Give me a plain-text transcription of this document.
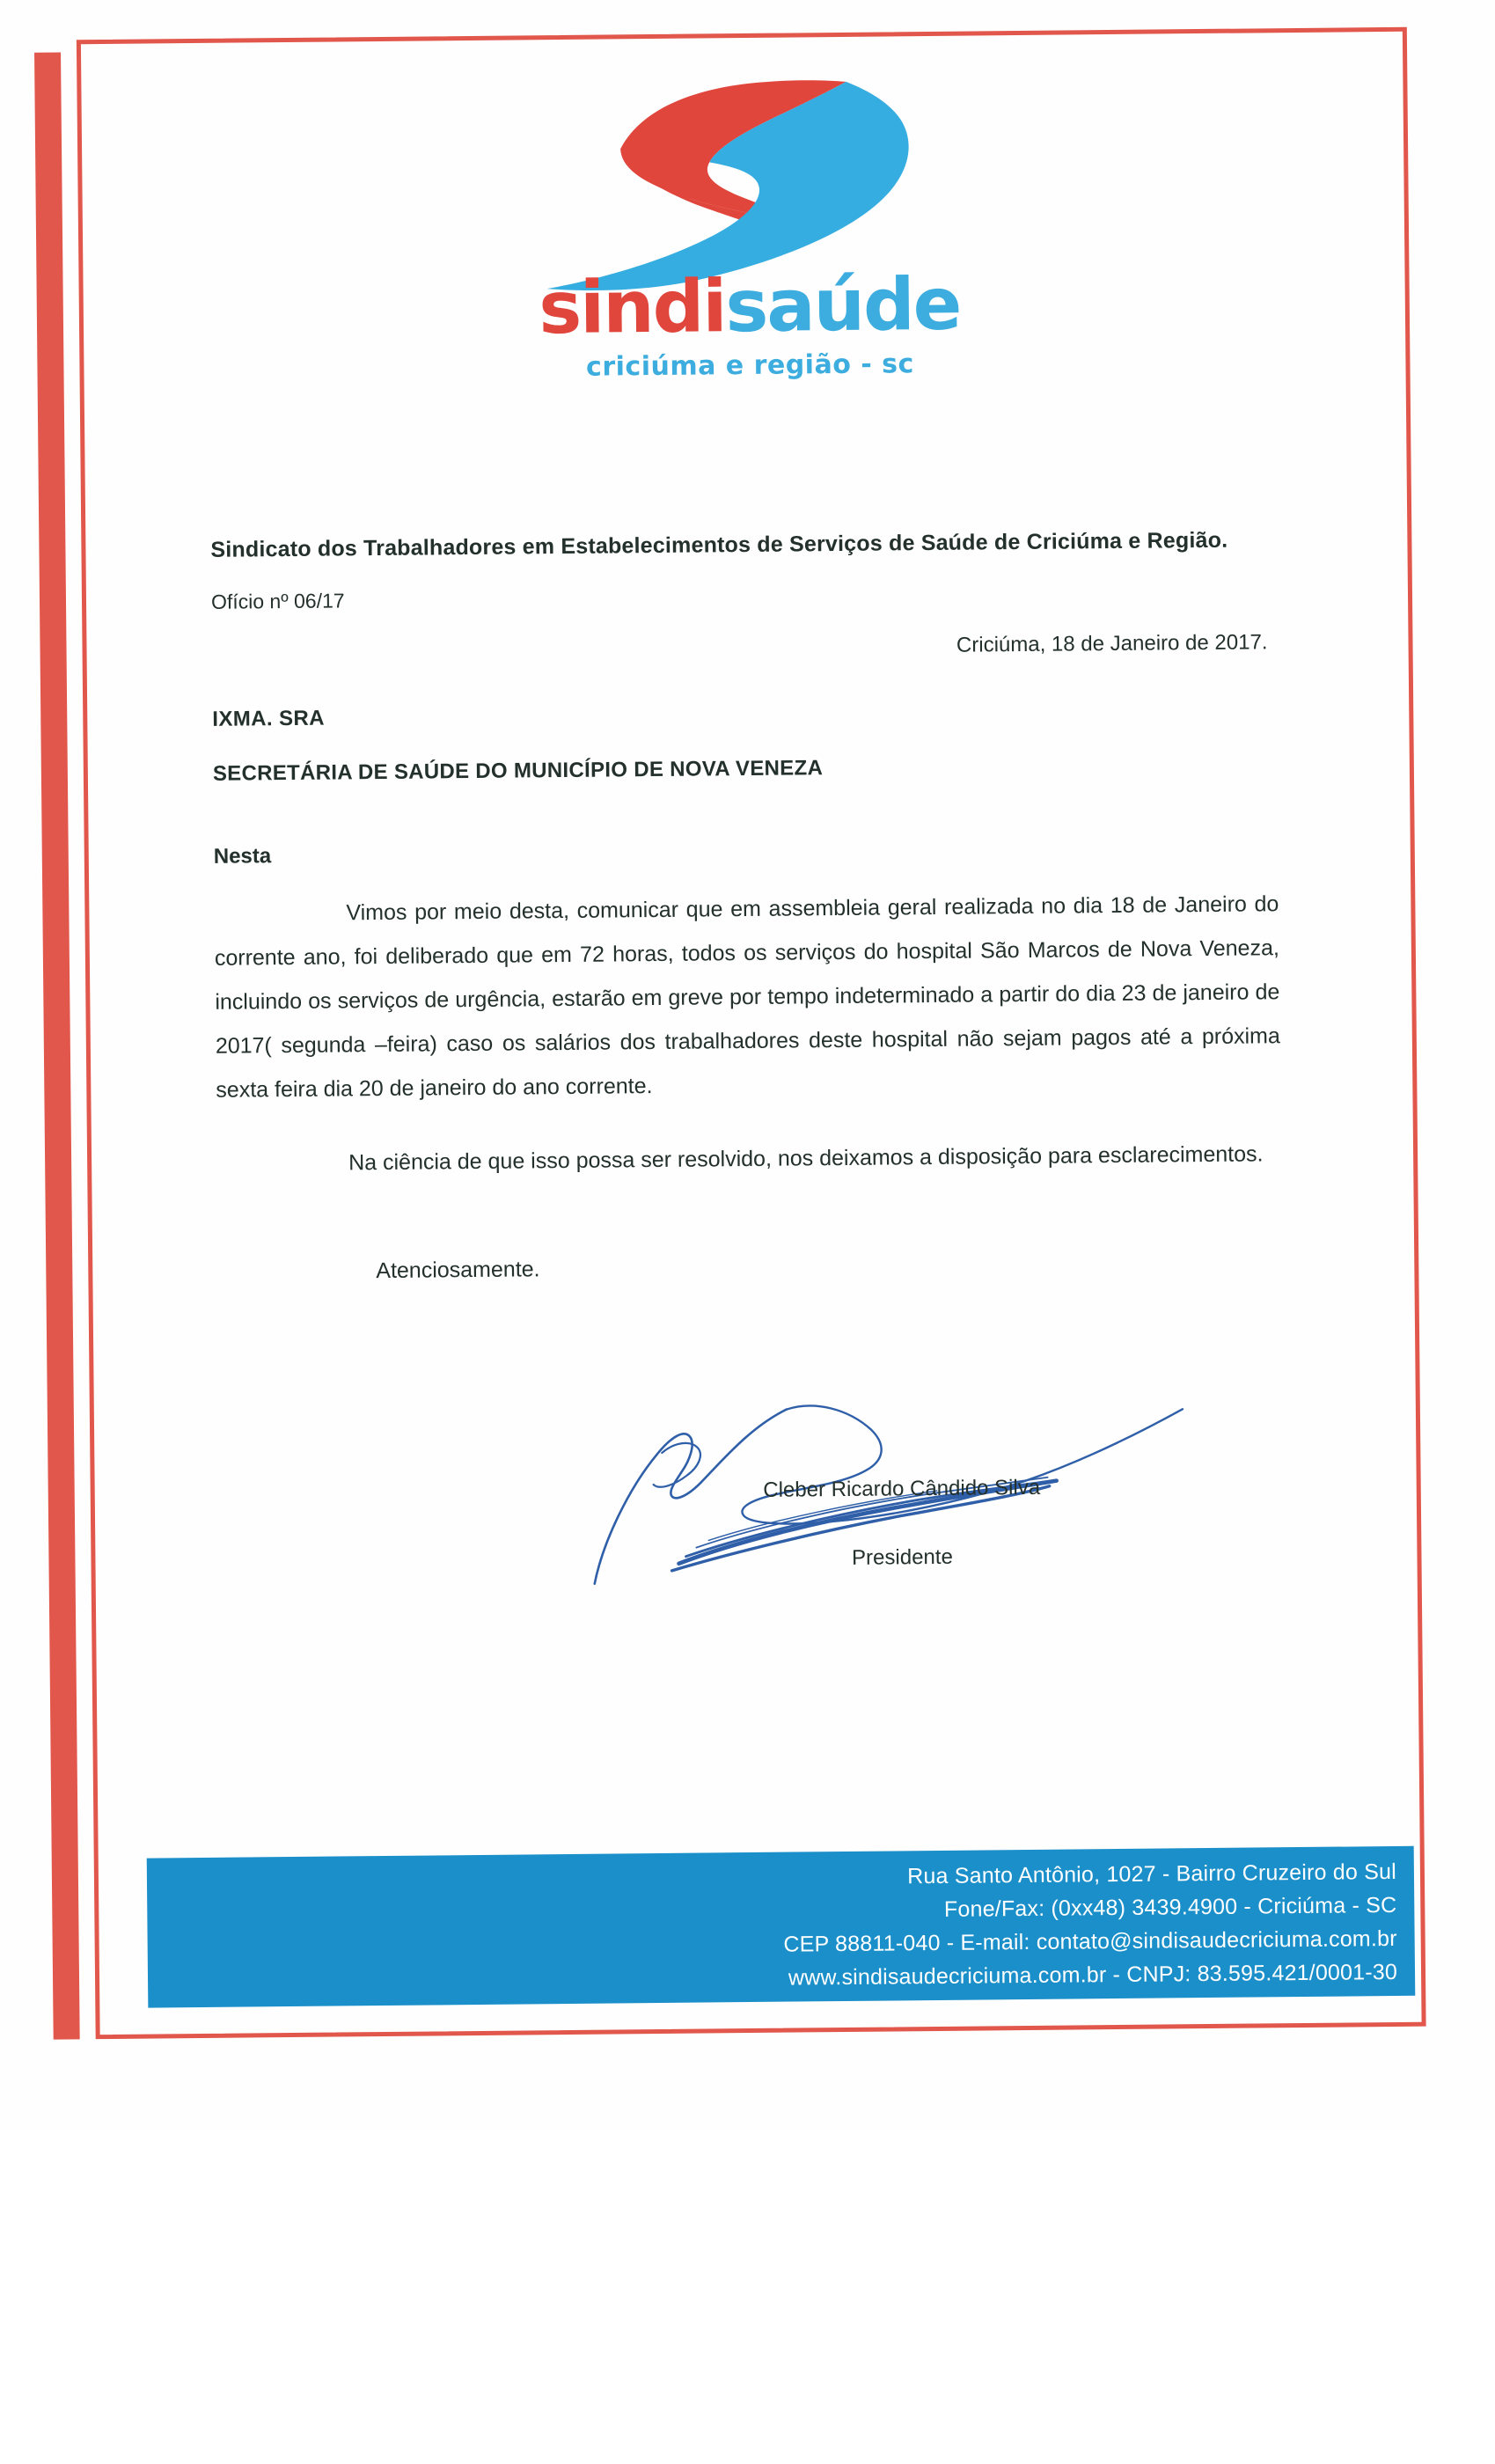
sindisaúde
criciúma e região - sc
Sindicato dos Trabalhadores em Estabelecimentos de Serviços de Saúde de Criciúma e Região.
Ofício nº 06/17
Criciúma, 18 de Janeiro de 2017.
IXMA. SRA
SECRETÁRIA DE SAÚDE DO MUNICÍPIO DE NOVA VENEZA
Nesta
Vimos por meio desta, comunicar que em assembleia geral realizada no dia 18 de Janeiro do corrente ano, foi deliberado que em 72 horas, todos os serviços do hospital São Marcos de Nova Veneza, incluindo os serviços de urgência, estarão em greve por tempo indeterminado a partir do dia 23 de janeiro de 2017( segunda –feira) caso os salários dos trabalhadores deste hospital não sejam pagos até a próxima sexta feira dia 20 de janeiro do ano corrente.
Na ciência de que isso possa ser resolvido, nos deixamos a disposição para esclarecimentos.
Atenciosamente.
Cleber Ricardo Cândido Silva
Presidente
Rua Santo Antônio, 1027 - Bairro Cruzeiro do Sul
Fone/Fax: (0xx48) 3439.4900 - Criciúma - SC
CEP 88811-040 - E-mail: contato@sindisaudecriciuma.com.br
www.sindisaudecriciuma.com.br - CNPJ: 83.595.421/0001-30
